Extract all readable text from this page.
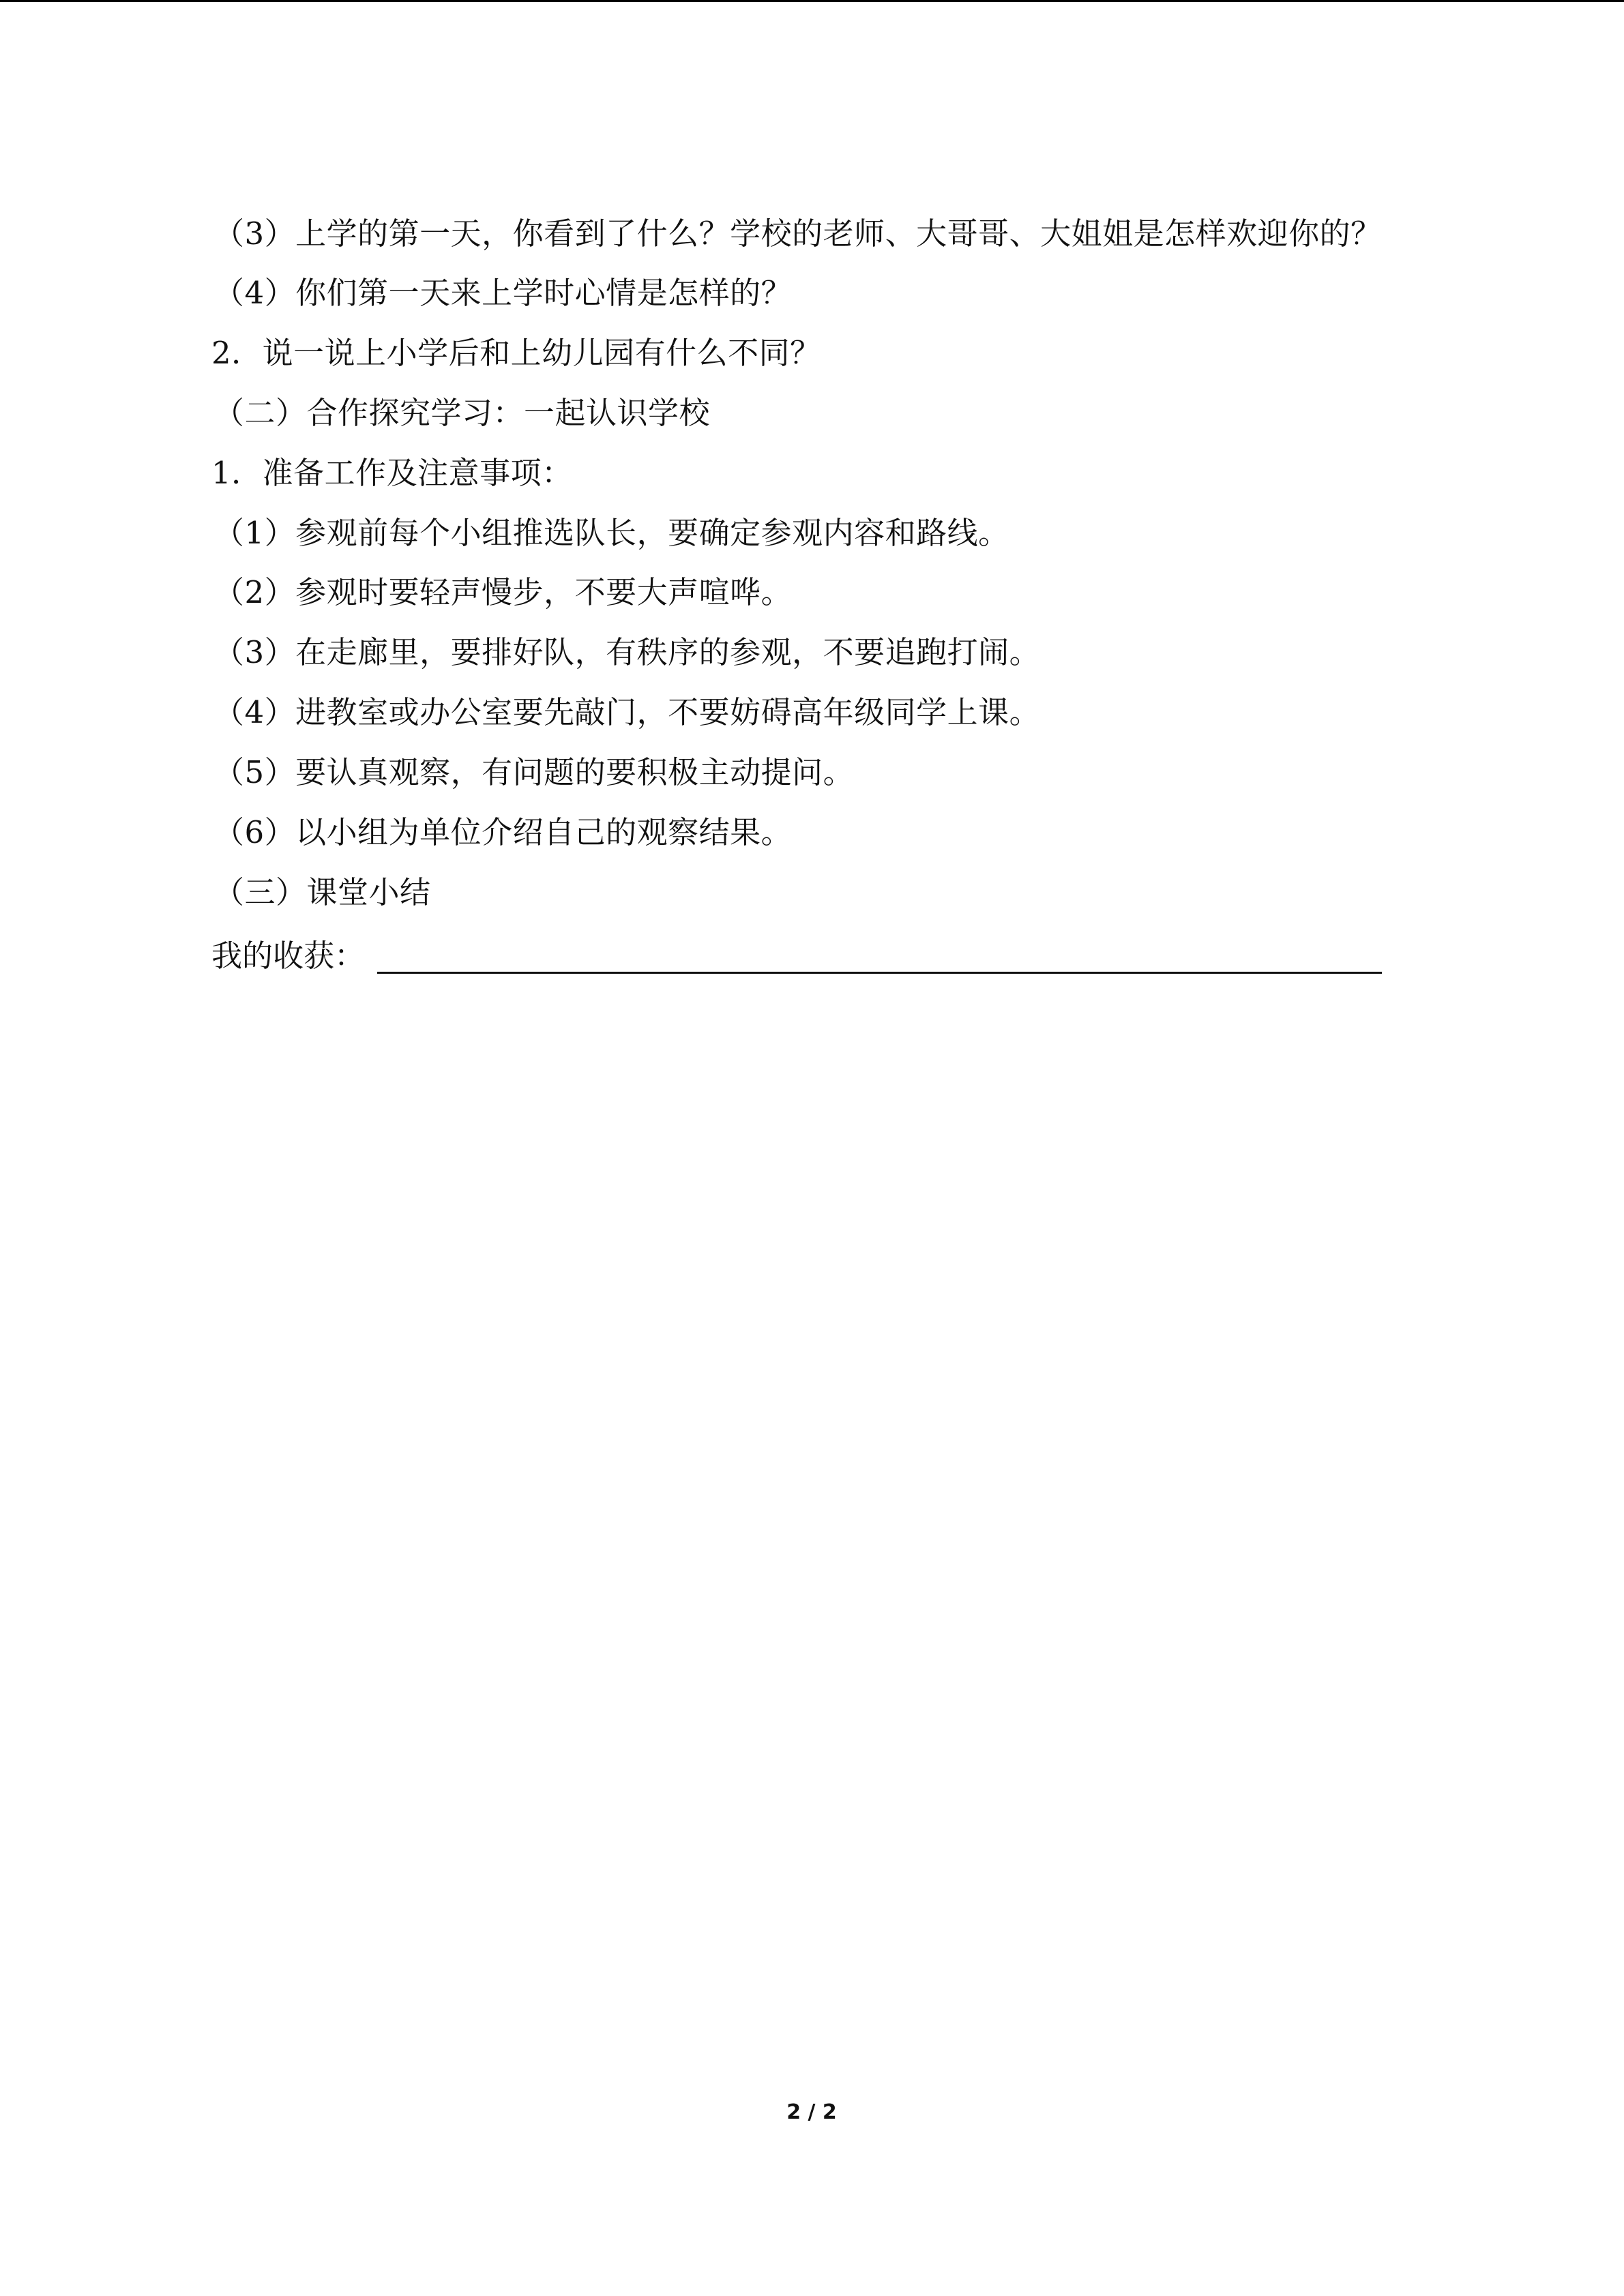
（3）上学的第一天，你看到了什么？学校的老师、大哥哥、大姐姐是怎样欢迎你的？
（4）你们第一天来上学时心情是怎样的？
2．说一说上小学后和上幼儿园有什么不同？
（二）合作探究学习：一起认识学校
1．准备工作及注意事项：
（1）参观前每个小组推选队长，要确定参观内容和路线。
（2）参观时要轻声慢步，不要大声喧哗。
（3）在走廊里，要排好队，有秩序的参观，不要追跑打闹。
（4）进教室或办公室要先敲门，不要妨碍高年级同学上课。
（5）要认真观察，有问题的要积极主动提问。
（6）以小组为单位介绍自己的观察结果。
（三）课堂小结
我的收获：
2 / 2
